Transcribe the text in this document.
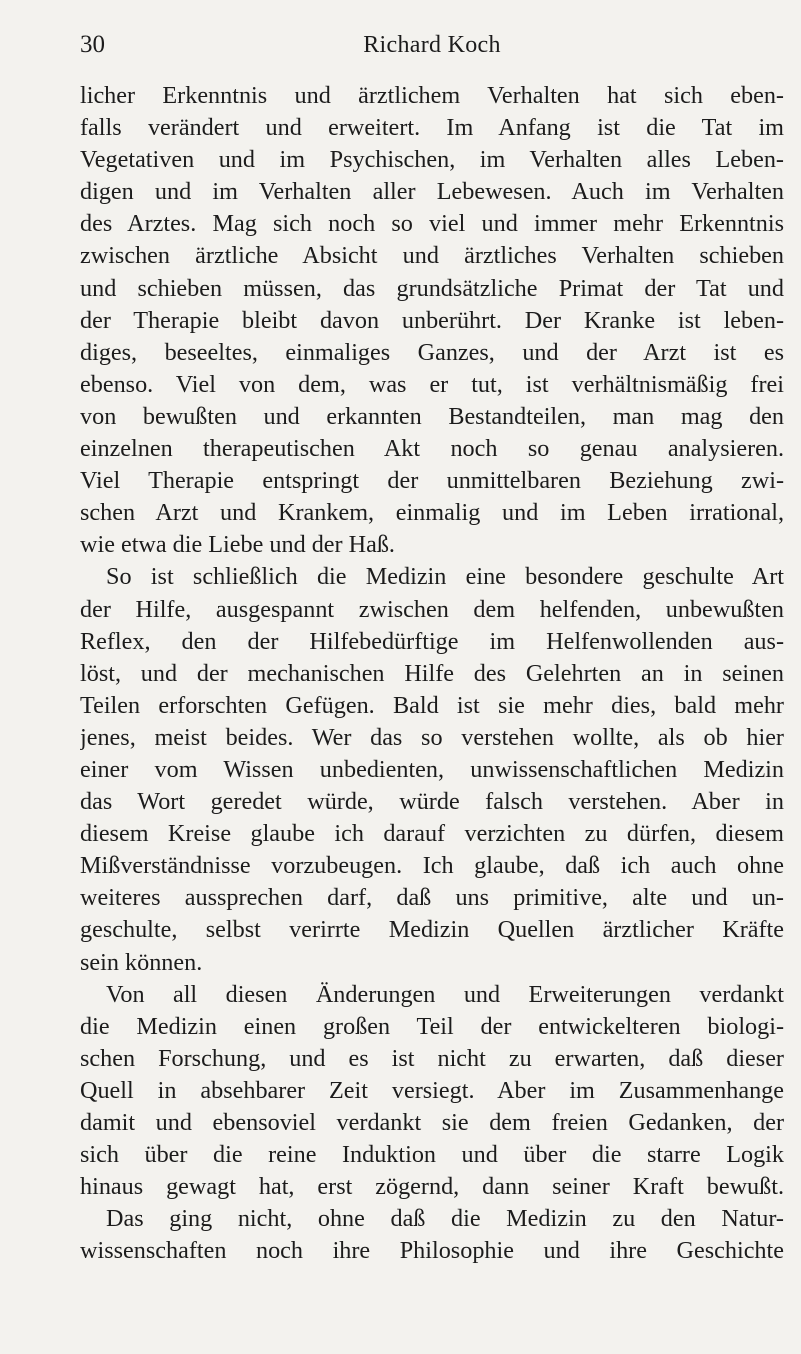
30	Richard Koch
licher Erkenntnis und ärztlichem Verhalten hat sich eben-
falls verändert und erweitert. Im Anfang ist die Tat im
Vegetativen und im Psychischen, im Verhalten alles Leben-
digen und im Verhalten aller Lebewesen. Auch im Verhalten
des Arztes. Mag sich noch so viel und immer mehr Erkenntnis
zwischen ärztliche Absicht und ärztliches Verhalten schieben
und schieben müssen, das grundsätzliche Primat der Tat und
der Therapie bleibt davon unberührt. Der Kranke ist leben-
diges, beseeltes, einmaliges Ganzes, und der Arzt ist es
ebenso. Viel von dem, was er tut, ist verhältnismäßig frei
von bewußten und erkannten Bestandteilen, man mag den
einzelnen therapeutischen Akt noch so genau analysieren.
Viel Therapie entspringt der unmittelbaren Beziehung zwi-
schen Arzt und Krankem, einmalig und im Leben irrational,
wie etwa die Liebe und der Haß.
So ist schließlich die Medizin eine besondere geschulte Art
der Hilfe, ausgespannt zwischen dem helfenden, unbewußten
Reflex, den der Hilfebedürftige im Helfenwollenden aus-
löst, und der mechanischen Hilfe des Gelehrten an in seinen
Teilen erforschten Gefügen. Bald ist sie mehr dies, bald mehr
jenes, meist beides. Wer das so verstehen wollte, als ob hier
einer vom Wissen unbedienten, unwissenschaftlichen Medizin
das Wort geredet würde, würde falsch verstehen. Aber in
diesem Kreise glaube ich darauf verzichten zu dürfen, diesem
Mißverständnisse vorzubeugen. Ich glaube, daß ich auch ohne
weiteres aussprechen darf, daß uns primitive, alte und un-
geschulte, selbst verirrte Medizin Quellen ärztlicher Kräfte
sein können.
Von all diesen Änderungen und Erweiterungen verdankt
die Medizin einen großen Teil der entwickelteren biologi-
schen Forschung, und es ist nicht zu erwarten, daß dieser
Quell in absehbarer Zeit versiegt. Aber im Zusammenhange
damit und ebensoviel verdankt sie dem freien Gedanken, der
sich über die reine Induktion und über die starre Logik
hinaus gewagt hat, erst zögernd, dann seiner Kraft bewußt.
Das ging nicht, ohne daß die Medizin zu den Natur-
wissenschaften noch ihre Philosophie und ihre Geschichte
